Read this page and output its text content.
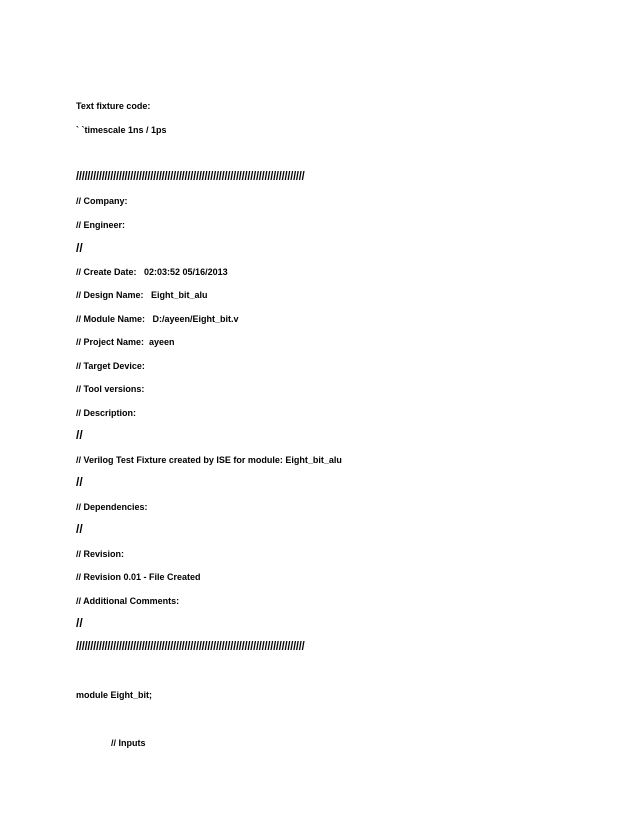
Text fixture code:
` `timescale 1ns / 1ps
////////////////////////////////////////////////////////////////////////////////
// Company:
// Engineer:
//
// Create Date:   02:03:52 05/16/2013
// Design Name:   Eight_bit_alu
// Module Name:   D:/ayeen/Eight_bit.v
// Project Name:  ayeen
// Target Device:
// Tool versions:
// Description:
//
// Verilog Test Fixture created by ISE for module: Eight_bit_alu
//
// Dependencies:
//
// Revision:
// Revision 0.01 - File Created
// Additional Comments:
//
////////////////////////////////////////////////////////////////////////////////
module Eight_bit;
// Inputs
